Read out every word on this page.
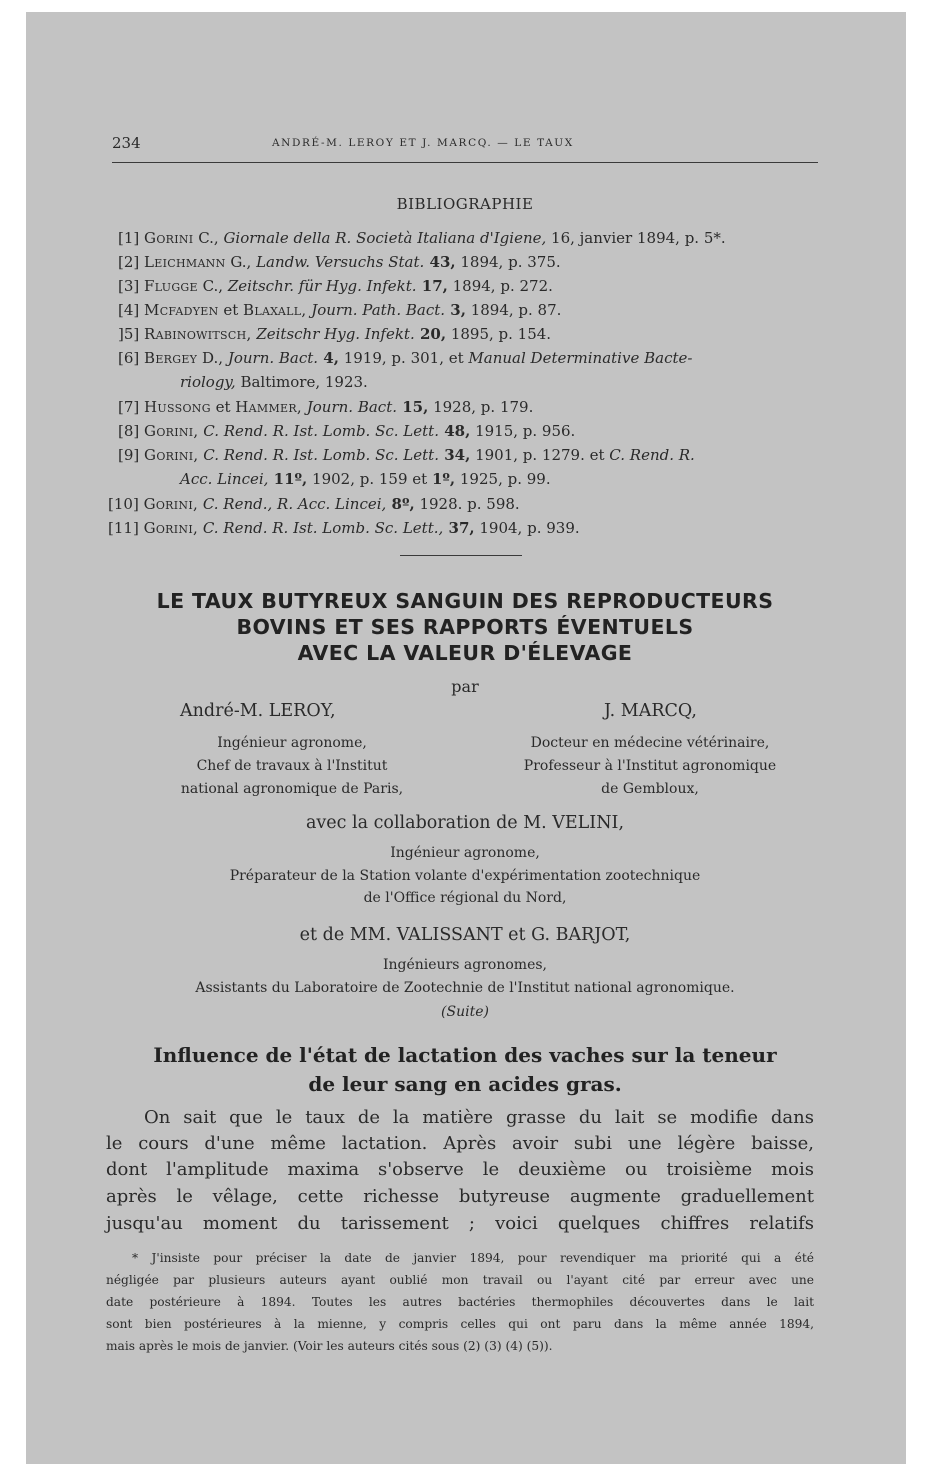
234	ANDRÉ-M. LEROY ET J. MARCQ. — LE TAUX
BIBLIOGRAPHIE
[1] Gorini C., Giornale della R. Società Italiana d'Igiene, 16, janvier 1894, p. 5*.
[2] Leichmann G., Landw. Versuchs Stat. 43, 1894, p. 375.
[3] Flugge C., Zeitschr. für Hyg. Infekt. 17, 1894, p. 272.
[4] Mcfadyen et Blaxall, Journ. Path. Bact. 3, 1894, p. 87.
]5] Rabinowitsch, Zeitschr Hyg. Infekt. 20, 1895, p. 154.
[6] Bergey D., Journ. Bact. 4, 1919, p. 301, et Manual Determinative Bacte-
riology, Baltimore, 1923.
[7] Hussong et Hammer, Journ. Bact. 15, 1928, p. 179.
[8] Gorini, C. Rend. R. Ist. Lomb. Sc. Lett. 48, 1915, p. 956.
[9] Gorini, C. Rend. R. Ist. Lomb. Sc. Lett. 34, 1901, p. 1279. et C. Rend. R.
Acc. Lincei, 11º, 1902, p. 159 et 1º, 1925, p. 99.
[10] Gorini, C. Rend., R. Acc. Lincei, 8º, 1928. p. 598.
[11] Gorini, C. Rend. R. Ist. Lomb. Sc. Lett., 37, 1904, p. 939.
LE TAUX BUTYREUX SANGUIN DES REPRODUCTEURS
BOVINS ET SES RAPPORTS ÉVENTUELS
AVEC LA VALEUR D'ÉLEVAGE
par
André-M. LEROY,	J. MARCQ,
Ingénieur agronome,
Chef de travaux à l'Institut
national agronomique de Paris,
Docteur en médecine vétérinaire,
Professeur à l'Institut agronomique
de Gembloux,
avec la collaboration de M. VELINI,
Ingénieur agronome,
Préparateur de la Station volante d'expérimentation zootechnique
de l'Office régional du Nord,
et de MM. VALISSANT et G. BARJOT,
Ingénieurs agronomes,
Assistants du Laboratoire de Zootechnie de l'Institut national agronomique.
(Suite)
Influence de l'état de lactation des vaches sur la teneur
de leur sang en acides gras.
On sait que le taux de la matière grasse du lait se modifie dans
le cours d'une même lactation. Après avoir subi une légère baisse,
dont l'amplitude maxima s'observe le deuxième ou troisième mois
après le vêlage, cette richesse butyreuse augmente graduellement
jusqu'au moment du tarissement ; voici quelques chiffres relatifs
* J'insiste pour préciser la date de janvier 1894, pour revendiquer ma priorité qui a été
négligée par plusieurs auteurs ayant oublié mon travail ou l'ayant cité par erreur avec une
date postérieure à 1894. Toutes les autres bactéries thermophiles découvertes dans le lait
sont bien postérieures à la mienne, y compris celles qui ont paru dans la même année 1894,
mais après le mois de janvier. (Voir les auteurs cités sous (2) (3) (4) (5)).
